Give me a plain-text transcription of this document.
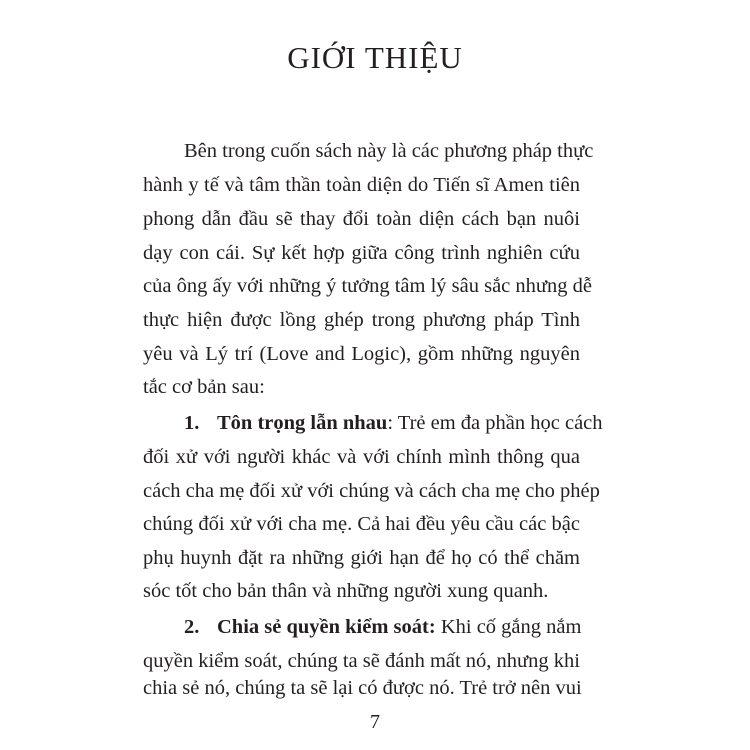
GIỚI THIỆU
Bên trong cuốn sách này là các phương pháp thực
hành y tế và tâm thần toàn diện do Tiến sĩ Amen tiên
phong dẫn đầu sẽ thay đổi toàn diện cách bạn nuôi
dạy con cái. Sự kết hợp giữa công trình nghiên cứu
của ông ấy với những ý tưởng tâm lý sâu sắc nhưng dễ
thực hiện được lồng ghép trong phương pháp Tình
yêu và Lý trí (Love and Logic), gồm những nguyên
tắc cơ bản sau:
1. Tôn trọng lẫn nhau: Trẻ em đa phần học cách
đối xử với người khác và với chính mình thông qua
cách cha mẹ đối xử với chúng và cách cha mẹ cho phép
chúng đối xử với cha mẹ. Cả hai đều yêu cầu các bậc
phụ huynh đặt ra những giới hạn để họ có thể chăm
sóc tốt cho bản thân và những người xung quanh.
2. Chia sẻ quyền kiểm soát: Khi cố gắng nắm
quyền kiểm soát, chúng ta sẽ đánh mất nó, nhưng khi
chia sẻ nó, chúng ta sẽ lại có được nó. Trẻ trở nên vui
7
